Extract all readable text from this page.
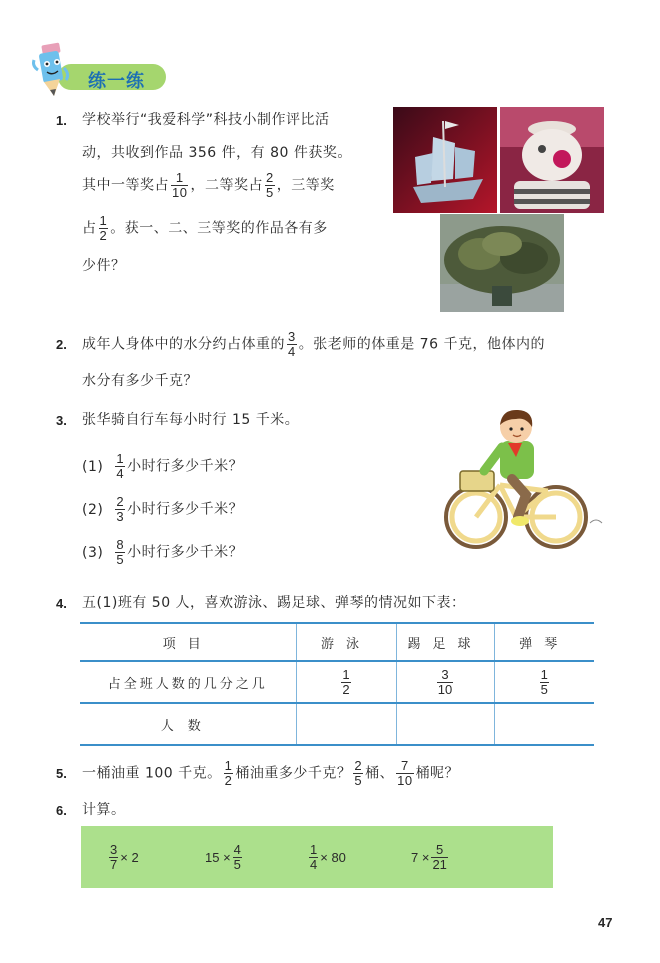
练一练
1. 学校举行“我爱科学”科技小制作评比活
动，共收到作品 356 件，有 80 件获奖。
其中一等奖占 $\frac{1}{10}$ ，二等奖占 $\frac{2}{5}$ ，三等奖
占 $\frac{1}{2}$ 。获一、二、三等奖的作品各有多
少件？
2. 成年人身体中的水分约占体重的 $\frac{3}{4}$ 。张老师的体重是 76 千克，他体内的
水分有多少千克？
3. 张华骑自行车每小时行 15 千米。
$(1) \frac{1}{4}$ 小时行多少千米？
$(2) \frac{2}{3}$ 小时行多少千米？
$(3) \frac{8}{5}$ 小时行多少千米？
4. 五(1)班有 50 人，喜欢游泳、踢足球、弹琴的情况如下表：
项目	游泳	踢足球	弹琴
占全班人数的几分之几	$\frac{1}{2}$	$\frac{3}{10}$	$\frac{1}{5}$

人数			
5. 一桶油重 100 千克。 $\frac{1}{2}$ 桶油重多少千克？ $\frac{2}{5}$ 桶、 $\frac{7}{10}$ 桶呢？
6. 计算。
$\frac{3}{7} \times 2$	$15 \times \frac{4}{5}$	$\frac{1}{4} \times 80$	$7 \times \frac{5}{21}$
47
